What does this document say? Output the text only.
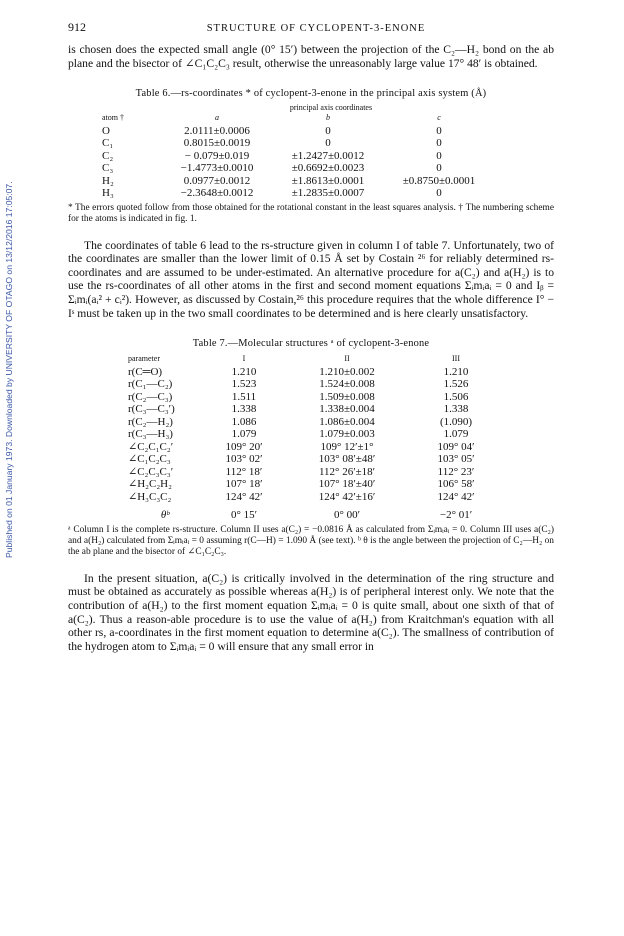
Published on 01 January 1973. Downloaded by UNIVERSITY OF OTAGO on 13/12/2016 17:05:07.
912	STRUCTURE OF CYCLOPENT-3-ENONE

is chosen does the expected small angle (0° 15′) between the projection of the C₂—H₂ bond on the ab plane and the bisector of ∠C₁C₂C₃ result, otherwise the unreasonably large value 17° 48′ is obtained.

Table 6.—rs-coordinates * of cyclopent-3-enone in the principal axis system (Å)
principal axis coordinates
atom †	a	b	c
O	2.0111±0.0006	0	0
C₁	0.8015±0.0019	0	0
C₂	− 0.079±0.019	±1.2427±0.0012	0
C₃	−1.4773±0.0010	±0.6692±0.0023	0
H₂	0.0977±0.0012	±1.8613±0.0001	±0.8750±0.0001
H₃	−2.3648±0.0012	±1.2835±0.0007	0
* The errors quoted follow from those obtained for the rotational constant in the least squares analysis. † The numbering scheme for the atoms is indicated in fig. 1.

The coordinates of table 6 lead to the rs-structure given in column I of table 7. Unfortunately, two of the coordinates are smaller than the lower limit of 0.15 Å set by Costain ²⁶ for reliably determined rs-coordinates and are assumed to be under-estimated. An alternative procedure for a(C₂) and a(H₂) is to use the rs-coordinates of all other atoms in the first and second moment equations Σᵢmᵢaᵢ = 0 and Iᵦ = Σᵢmᵢ(aᵢ² + cᵢ²). However, as discussed by Costain,²⁶ this procedure requires that the whole difference I° − Iˢ must be taken up in the two small coordinates to be determined and is here clearly unsatisfactory.

Table 7.—Molecular structures ᵃ of cyclopent-3-enone
parameter	I	II	III
r(C═O)	1.210	1.210±0.002	1.210
r(C₁—C₂)	1.523	1.524±0.008	1.526
r(C₂—C₃)	1.511	1.509±0.008	1.506
r(C₃—C₃′)	1.338	1.338±0.004	1.338
r(C₂—H₂)	1.086	1.086±0.004	(1.090)
r(C₃—H₃)	1.079	1.079±0.003	1.079
∠C₂C₁C₂′	109° 20′	109° 12′±1°	109° 04′
∠C₁C₂C₃	103° 02′	103° 08′±48′	103° 05′
∠C₂C₃C₃′	112° 18′	112° 26′±18′	112° 23′
∠H₂C₂H₂	107° 18′	107° 18′±40′	106° 58′
∠H₃C₃C₂	124° 42′	124° 42′±16′	124° 42′

θᵇ	0° 15′	0° 00′	−2° 01′
ᵃ Column I is the complete rs-structure. Column II uses a(C₂) = −0.0816 Å as calculated from Σᵢmᵢaᵢ = 0. Column III uses a(C₂) and a(H₂) calculated from Σᵢmᵢaᵢ = 0 assuming r(C—H) = 1.090 Å (see text). ᵇ θ is the angle between the projection of C₂—H₂ on the ab plane and the bisector of ∠C₁C₂C₃.

In the present situation, a(C₂) is critically involved in the determination of the ring structure and must be obtained as accurately as possible whereas a(H₂) is of peripheral interest only. We note that the contribution of a(H₂) to the first moment equation Σᵢmᵢaᵢ = 0 is quite small, about one sixth of that of a(C₂). Thus a reason-able procedure is to use the value of a(H₂) from Kraitchman's equation with all other rs, a-coordinates in the first moment equation to determine a(C₂). The smallness of contribution of the hydrogen atom to Σᵢmᵢaᵢ = 0 will ensure that any small error in
